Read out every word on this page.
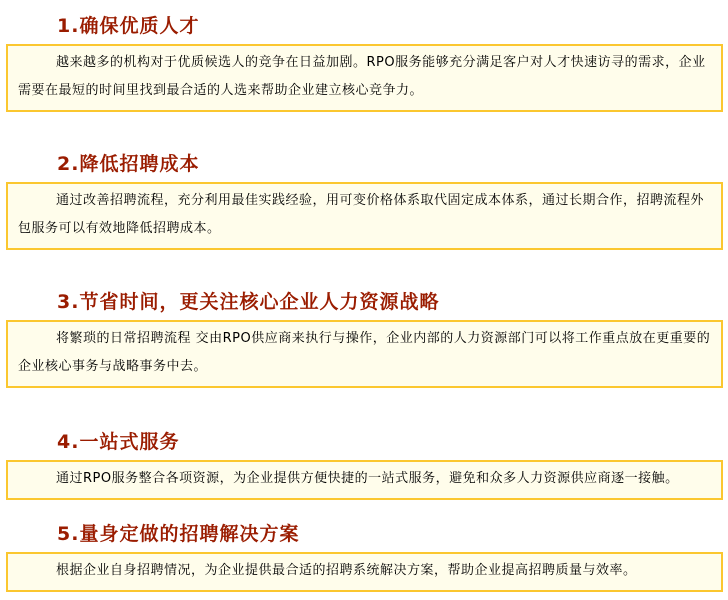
1.确保优质人才

越来越多的机构对于优质候选人的竞争在日益加剧。RPO服务能够充分满足客户对人才快速访寻的需求，企业需要在最短的时间里找到最合适的人选来帮助企业建立核心竞争力。

2.降低招聘成本

通过改善招聘流程，充分利用最佳实践经验，用可变价格体系取代固定成本体系，通过长期合作，招聘流程外包服务可以有效地降低招聘成本。

3.节省时间，更关注核心企业人力资源战略

将繁琐的日常招聘流程 交由RPO供应商来执行与操作，企业内部的人力资源部门可以将工作重点放在更重要的企业核心事务与战略事务中去。

4.一站式服务

通过RPO服务整合各项资源，为企业提供方便快捷的一站式服务，避免和众多人力资源供应商逐一接触。

5.量身定做的招聘解决方案

根据企业自身招聘情况，为企业提供最合适的招聘系统解决方案，帮助企业提高招聘质量与效率。
